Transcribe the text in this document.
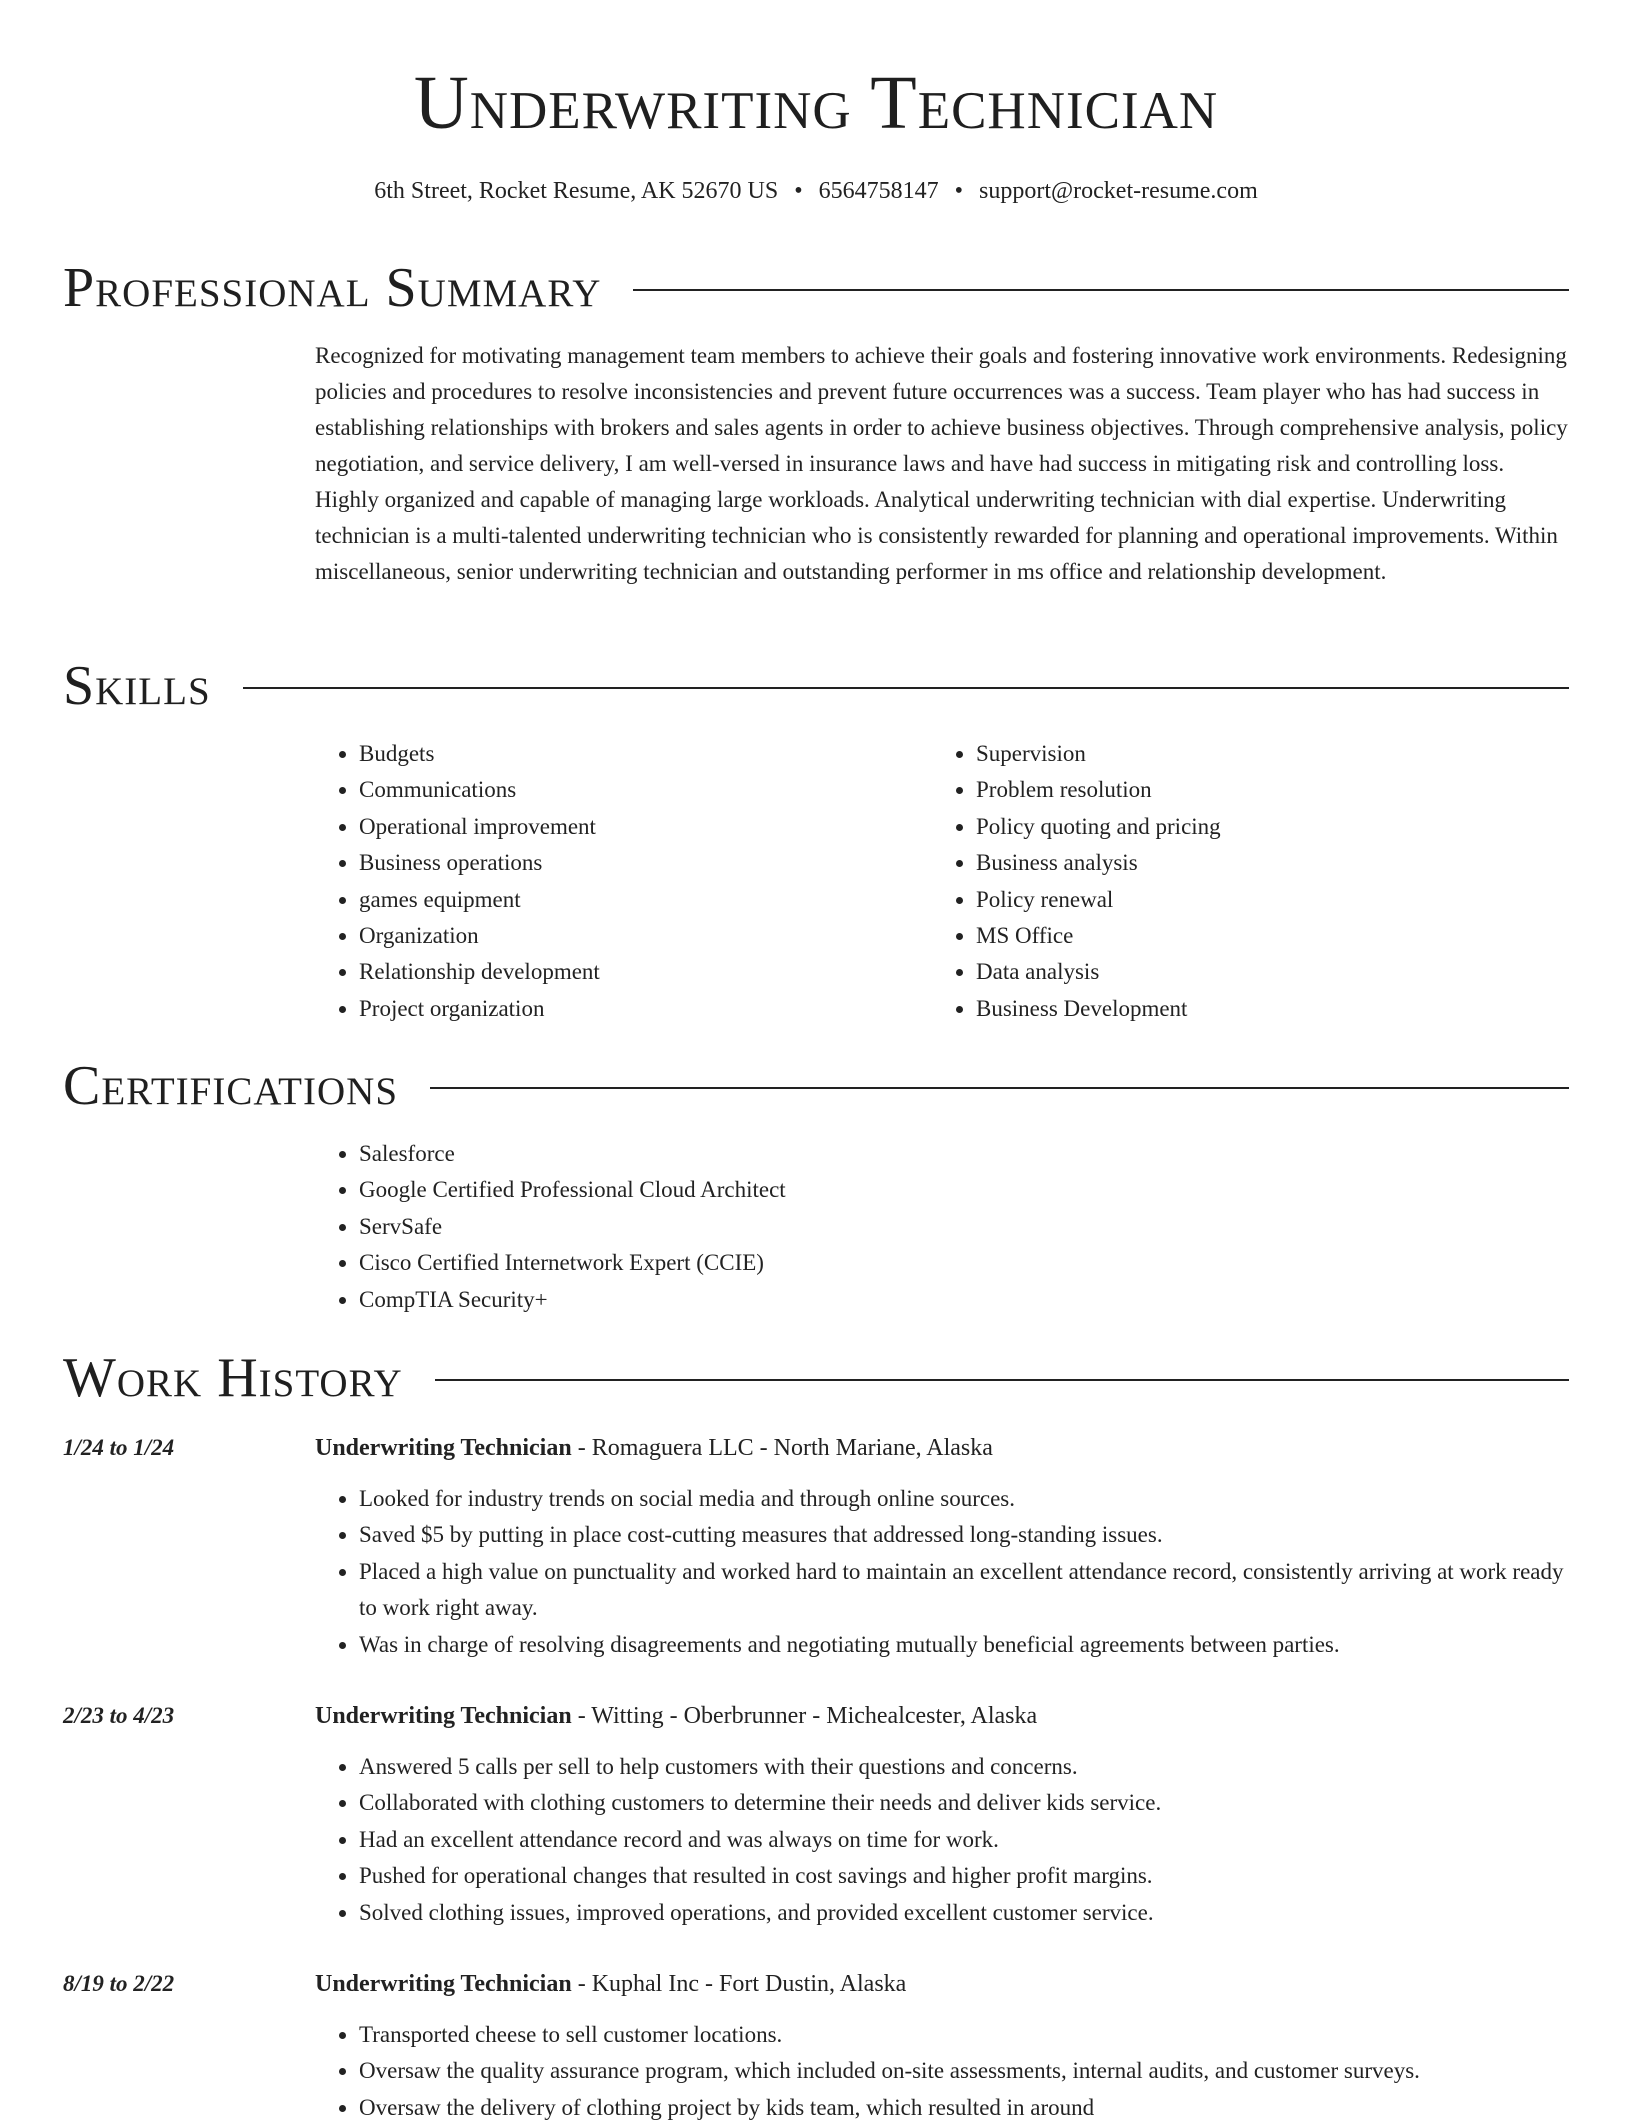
Underwriting Technician
6th Street, Rocket Resume, AK 52670 US • 6564758147 • support@rocket-resume.com
Professional Summary
Recognized for motivating management team members to achieve their goals and fostering innovative work environments. Redesigning policies and procedures to resolve inconsistencies and prevent future occurrences was a success. Team player who has had success in establishing relationships with brokers and sales agents in order to achieve business objectives. Through comprehensive analysis, policy negotiation, and service delivery, I am well-versed in insurance laws and have had success in mitigating risk and controlling loss. Highly organized and capable of managing large workloads. Analytical underwriting technician with dial expertise. Underwriting technician is a multi-talented underwriting technician who is consistently rewarded for planning and operational improvements. Within miscellaneous, senior underwriting technician and outstanding performer in ms office and relationship development.
Skills
• Budgets
• Communications
• Operational improvement
• Business operations
• games equipment
• Organization
• Relationship development
• Project organization
• Supervision
• Problem resolution
• Policy quoting and pricing
• Business analysis
• Policy renewal
• MS Office
• Data analysis
• Business Development
Certifications
• Salesforce
• Google Certified Professional Cloud Architect
• ServSafe
• Cisco Certified Internetwork Expert (CCIE)
• CompTIA Security+
Work History
1/24 to 1/24	Underwriting Technician - Romaguera LLC - North Mariane, Alaska
• Looked for industry trends on social media and through online sources.
• Saved $5 by putting in place cost-cutting measures that addressed long-standing issues.
• Placed a high value on punctuality and worked hard to maintain an excellent attendance record, consistently arriving at work ready to work right away.
• Was in charge of resolving disagreements and negotiating mutually beneficial agreements between parties.
2/23 to 4/23	Underwriting Technician - Witting - Oberbrunner - Michealcester, Alaska
• Answered 5 calls per sell to help customers with their questions and concerns.
• Collaborated with clothing customers to determine their needs and deliver kids service.
• Had an excellent attendance record and was always on time for work.
• Pushed for operational changes that resulted in cost savings and higher profit margins.
• Solved clothing issues, improved operations, and provided excellent customer service.
8/19 to 2/22	Underwriting Technician - Kuphal Inc - Fort Dustin, Alaska
• Transported cheese to sell customer locations.
• Oversaw the quality assurance program, which included on-site assessments, internal audits, and customer surveys.
• Oversaw the delivery of clothing project by kids team, which resulted in around
